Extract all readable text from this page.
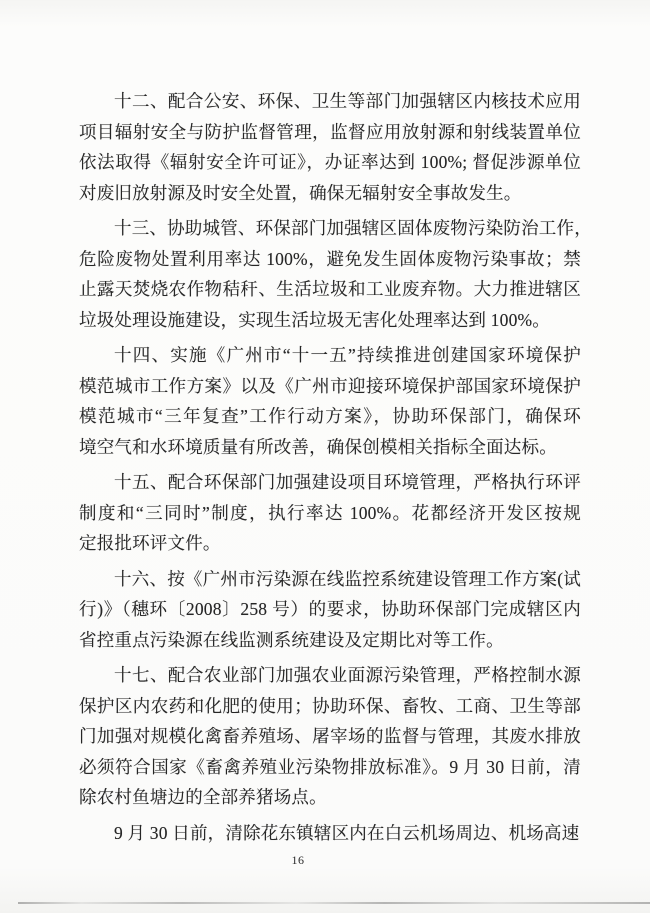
十二、配合公安、环保、卫生等部门加强辖区内核技术应用
项目辐射安全与防护监督管理，监督应用放射源和射线装置单位
依法取得《辐射安全许可证》，办证率达到 100%; 督促涉源单位
对废旧放射源及时安全处置，确保无辐射安全事故发生。
十三、协助城管、环保部门加强辖区固体废物污染防治工作，
危险废物处置利用率达 100%，避免发生固体废物污染事故；禁
止露天焚烧农作物秸秆、生活垃圾和工业废弃物。大力推进辖区
垃圾处理设施建设，实现生活垃圾无害化处理率达到 100%。
十四、实施《广州市“十一五”持续推进创建国家环境保护
模范城市工作方案》以及《广州市迎接环境保护部国家环境保护
模范城市“三年复查”工作行动方案》，协助环保部门，确保环
境空气和水环境质量有所改善，确保创模相关指标全面达标。
十五、配合环保部门加强建设项目环境管理，严格执行环评
制度和“三同时”制度，执行率达 100%。花都经济开发区按规
定报批环评文件。
十六、按《广州市污染源在线监控系统建设管理工作方案(试
行)》（穗环〔2008〕258 号）的要求，协助环保部门完成辖区内
省控重点污染源在线监测系统建设及定期比对等工作。
十七、配合农业部门加强农业面源污染管理，严格控制水源
保护区内农药和化肥的使用；协助环保、畜牧、工商、卫生等部
门加强对规模化禽畜养殖场、屠宰场的监督与管理，其废水排放
必须符合国家《畜禽养殖业污染物排放标准》。9 月 30 日前，清
除农村鱼塘边的全部养猪场点。
9 月 30 日前，清除花东镇辖区内在白云机场周边、机场高速
16
